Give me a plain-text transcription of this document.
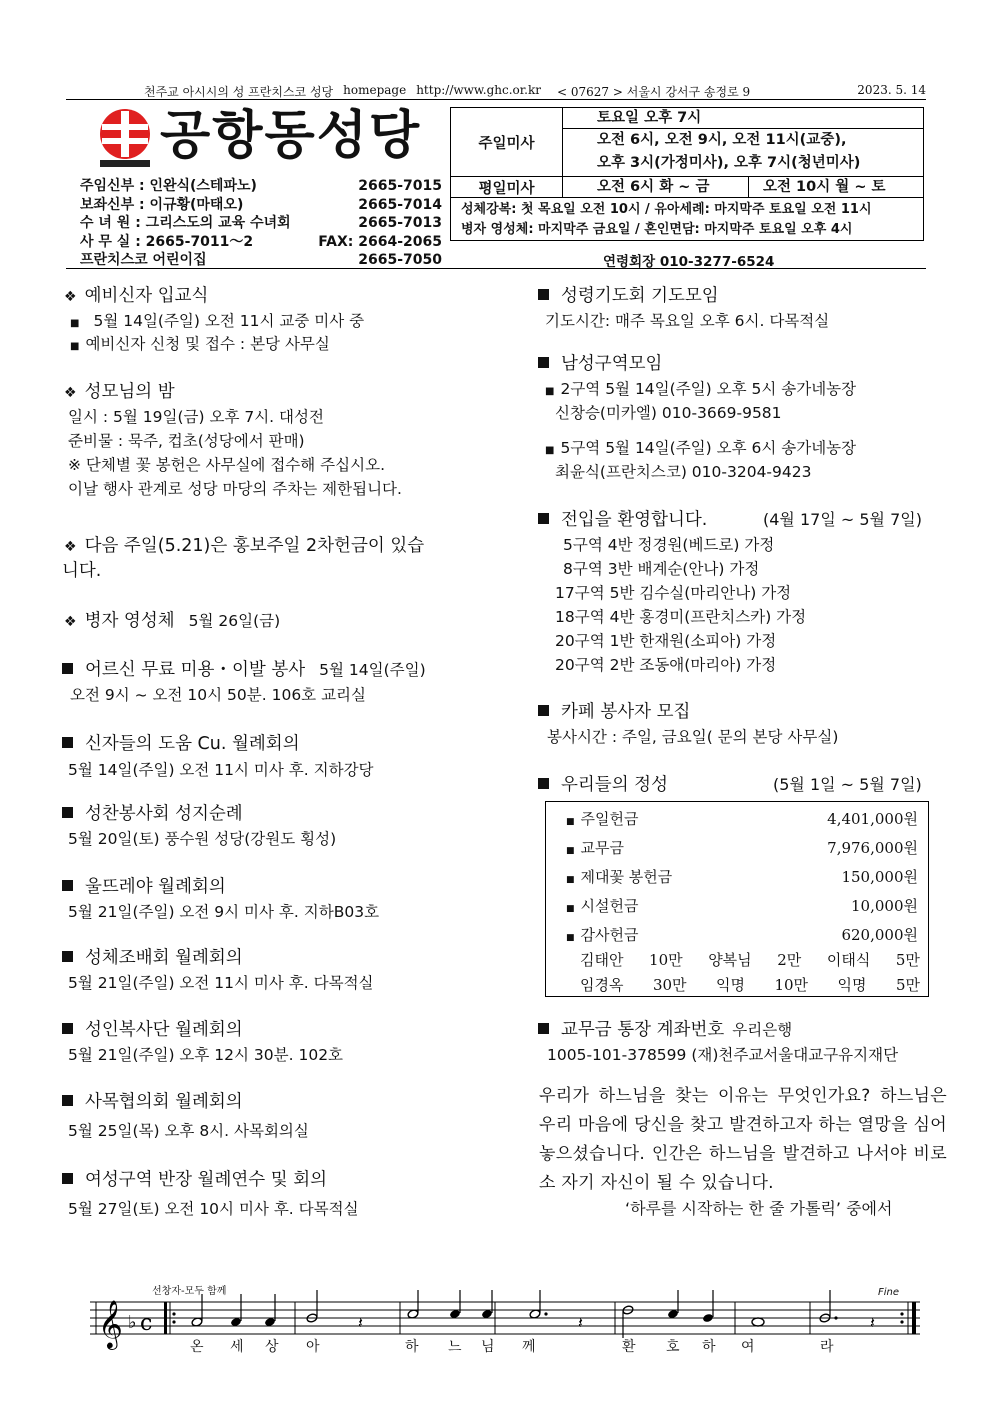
천주교 아시시의 성 프란치스코 성당 homepage http://www.ghc.or.kr < 07627 > 서울시 강서구 송정로 9	2023. 5. 14
공항동성당
주임신부 : 인완식(스테파노)	2665-7015
보좌신부 : 이규황(마태오)	2665-7014
수 녀 원 : 그리스도의 교육 수녀회	2665-7013
사 무 실 : 2665-7011～2	FAX: 2664-2065
프란치스코 어린이집	2665-7050
주일미사
토요일 오후 7시
오전 6시, 오전 9시, 오전 11시(교중),
오후 3시(가정미사), 오후 7시(청년미사)
평일미사	오전 6시 화 ~ 금	오전 10시 월 ~ 토
성체강복: 첫 목요일 오전 10시 / 유아세례: 마지막주 토요일 오전 11시
병자 영성체: 마지막주 금요일 / 혼인면담: 마지막주 토요일 오후 4시
연령회장 010-3277-6524
❖ 예비신자 입교식
■ 5월 14일(주일) 오전 11시 교중 미사 중
■ 예비신자 신청 및 접수 : 본당 사무실
❖ 성모님의 밤
일시 : 5월 19일(금) 오후 7시. 대성전
준비물 : 묵주, 컵초(성당에서 판매)
※ 단체별 꽃 봉헌은 사무실에 접수해 주십시오.
이날 행사 관계로 성당 마당의 주차는 제한됩니다.
❖ 다음 주일(5.21)은 홍보주일 2차헌금이 있습
니다.
❖ 병자 영성체 5월 26일(금)
어르신 무료 미용・이발 봉사 5월 14일(주일)
오전 9시 ~ 오전 10시 50분. 106호 교리실
신자들의 도움 Cu. 월례회의
5월 14일(주일) 오전 11시 미사 후. 지하강당
성찬봉사회 성지순례
5월 20일(토) 풍수원 성당(강원도 횡성)
울뜨레야 월례회의
5월 21일(주일) 오전 9시 미사 후. 지하B03호
성체조배회 월례회의
5월 21일(주일) 오전 11시 미사 후. 다목적실
성인복사단 월례회의
5월 21일(주일) 오후 12시 30분. 102호
사목협의회 월례회의
5월 25일(목) 오후 8시. 사목회의실
여성구역 반장 월례연수 및 회의
5월 27일(토) 오전 10시 미사 후. 다목적실
성령기도회 기도모임
기도시간: 매주 목요일 오후 6시. 다목적실
남성구역모임
■ 2구역 5월 14일(주일) 오후 5시 송가네농장
신창승(미카엘) 010-3669-9581
■ 5구역 5월 14일(주일) 오후 6시 송가네농장
최윤식(프란치스코) 010-3204-9423
전입을 환영합니다.	(4월 17일 ~ 5월 7일)
5구역 4반 정경원(베드로) 가정
8구역 3반 배계순(안나) 가정
17구역 5반 김수실(마리안나) 가정
18구역 4반 홍경미(프란치스카) 가정
20구역 1반 한재원(소피아) 가정
20구역 2반 조동애(마리아) 가정
카페 봉사자 모집
봉사시간 : 주일, 금요일( 문의 본당 사무실)
우리들의 정성	(5월 1일 ~ 5월 7일)
■ 주일헌금	4,401,000원
■ 교무금	7,976,000원
■ 제대꽃 봉헌금	150,000원
■ 시설헌금	10,000원
■ 감사헌금	620,000원
김태안 10만 양복님 2만 이태식 5만
임경옥 30만 익명 10만 익명 5만
교무금 통장 계좌번호 우리은행
1005-101-378599 (재)천주교서울대교구유지재단
우리가 하느님을 찾는 이유는 무엇인가요? 하느님은 우리 마음에 당신을 찾고 발견하고자 하는 열망을 심어 놓으셨습니다. 인간은 하느님을 발견하고 나서야 비로소 자기 자신이 될 수 있습니다.
‘하루를 시작하는 한 줄 가톨릭’ 중에서
선창자-모두 함께	Fine
𝄞 ♭ c	𝄽	𝄽	𝄽
온 세 상 아	하 느 님 께	환 호 하 여	라
